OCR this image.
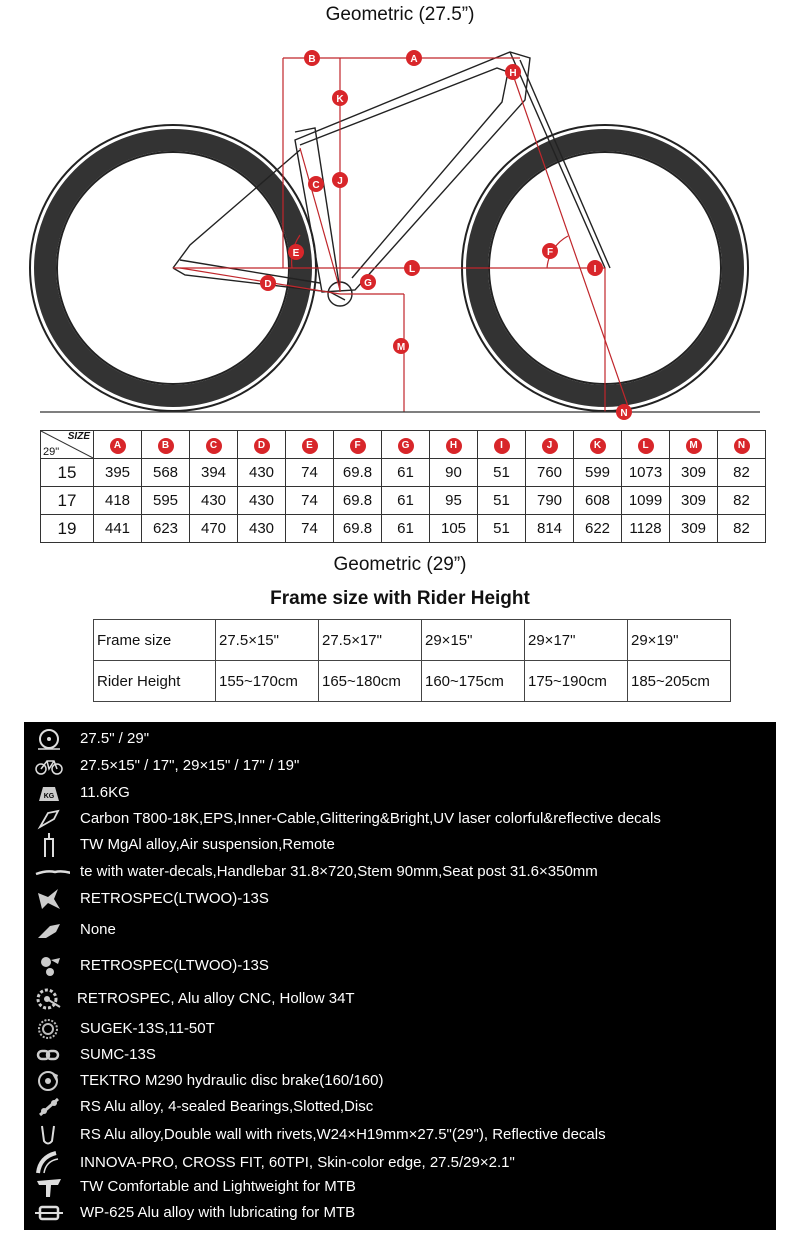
Geometric (27.5”)
A
B
C
D
E	F
G
H
I
J
K
L
M
N
SIZE
29"	A	B	C	D	E	F	G	H	I	J	K	L	M	N
15	395	568	394	430	74	69.8	61	90	51	760	599	1073	309	82
17	418	595	430	430	74	69.8	61	95	51	790	608	1099	309	82
19	441	623	470	430	74	69.8	61	105	51	814	622	1128	309	82
Geometric (29”)
Frame size with Rider Height
Frame size	27.5×15"	27.5×17"	29×15"	29×17"	29×19"
Rider Height	155~170cm	165~180cm	160~175cm	175~190cm	185~205cm
27.5" / 29"
27.5×15" / 17", 29×15" / 17" / 19"
KG 11.6KG
Carbon T800-18K,EPS,Inner-Cable,Glittering&Bright,UV laser colorful&reflective decals
TW MgAl alloy,Air suspension,Remote
te with water-decals,Handlebar 31.8×720,Stem 90mm,Seat post 31.6×350mm
RETROSPEC(LTWOO)-13S
None
RETROSPEC(LTWOO)-13S
RETROSPEC, Alu alloy CNC, Hollow 34T
SUGEK-13S,11-50T
SUMC-13S
TEKTRO M290 hydraulic disc brake(160/160)
RS Alu alloy, 4-sealed Bearings,Slotted,Disc
RS Alu alloy,Double wall with rivets,W24×H19mm×27.5"(29"), Reflective decals
INNOVA-PRO, CROSS FIT, 60TPI, Skin-color edge, 27.5/29×2.1"
TW Comfortable and Lightweight for MTB
WP-625 Alu alloy with lubricating for MTB
